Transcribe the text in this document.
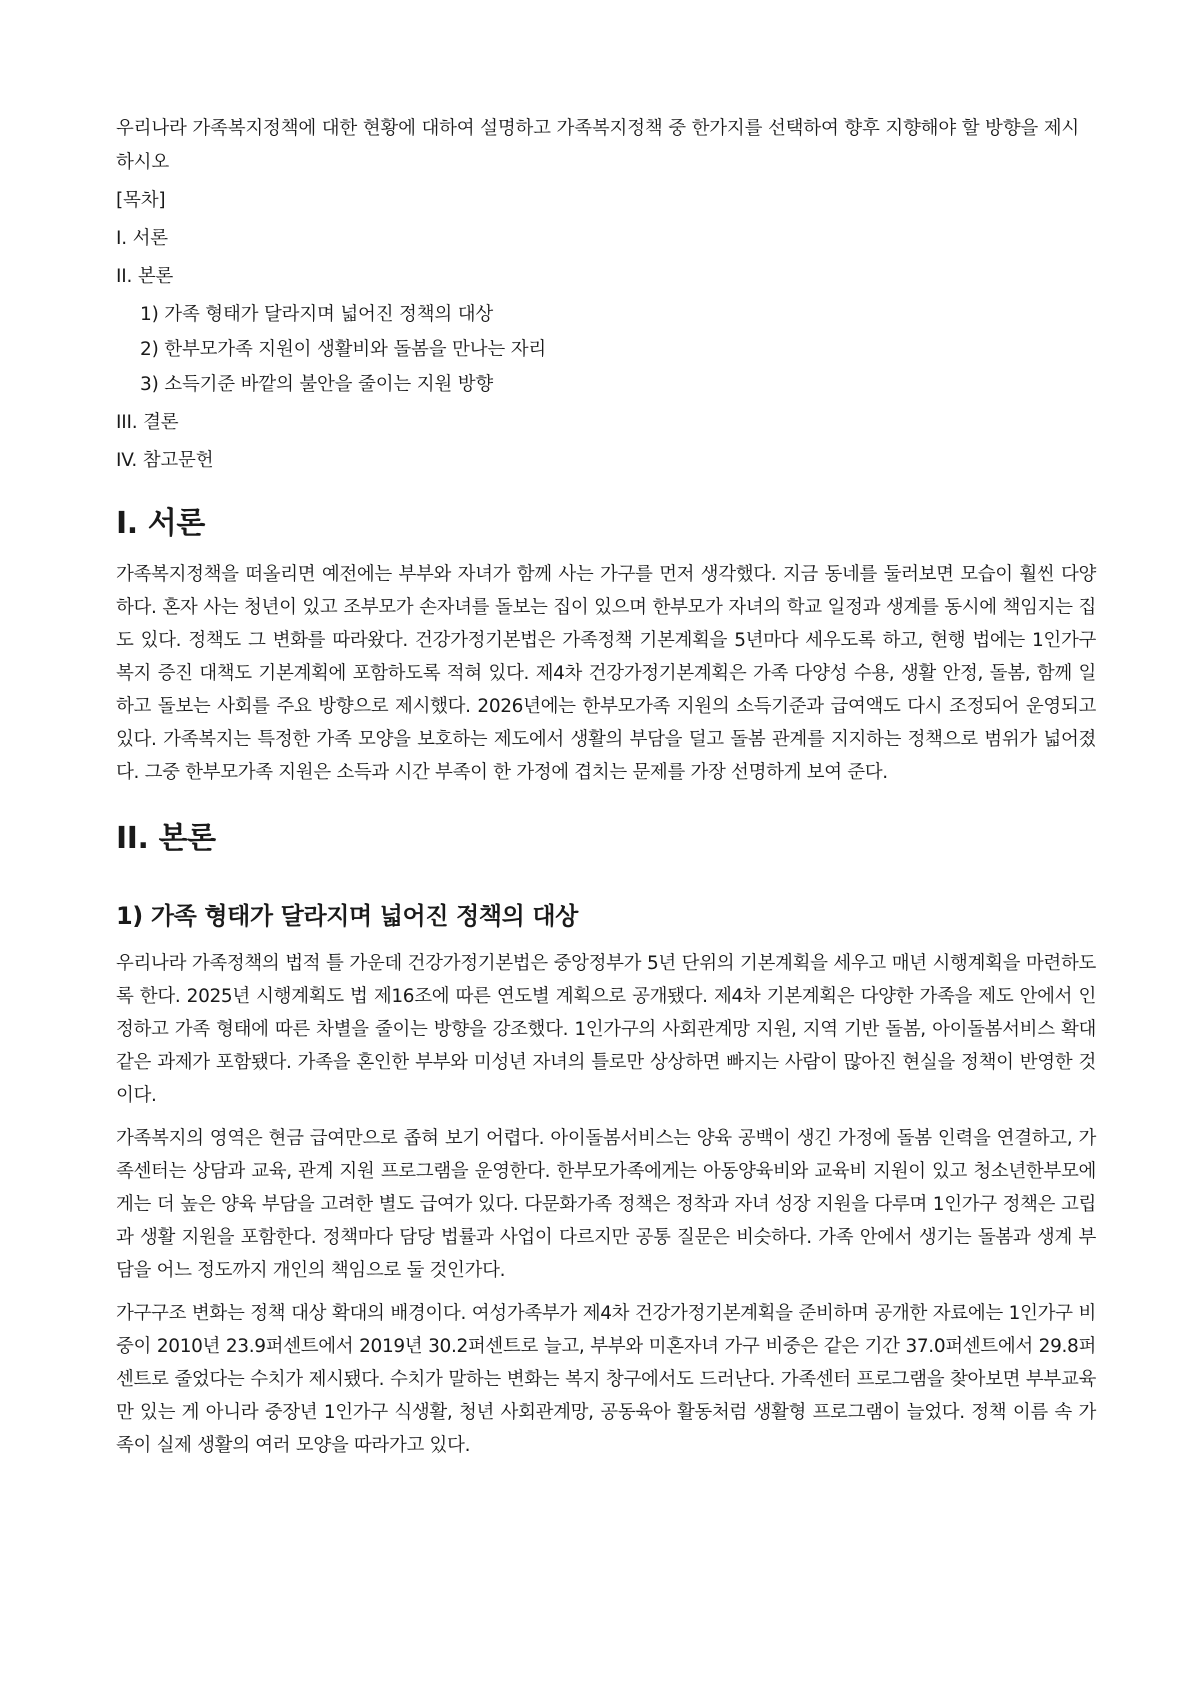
우리나라 가족복지정책에 대한 현황에 대하여 설명하고 가족복지정책 중 한가지를 선택하여 향후 지향해야 할 방향을 제시하시오

[목차]

I. 서론

II. 본론

1) 가족 형태가 달라지며 넓어진 정책의 대상

2) 한부모가족 지원이 생활비와 돌봄을 만나는 자리

3) 소득기준 바깥의 불안을 줄이는 지원 방향

III. 결론

IV. 참고문헌

I. 서론

가족복지정책을 떠올리면 예전에는 부부와 자녀가 함께 사는 가구를 먼저 생각했다. 지금 동네를 둘러보면 모습이 훨씬 다양하다. 혼자 사는 청년이 있고 조부모가 손자녀를 돌보는 집이 있으며 한부모가 자녀의 학교 일정과 생계를 동시에 책임지는 집도 있다. 정책도 그 변화를 따라왔다. 건강가정기본법은 가족정책 기본계획을 5년마다 세우도록 하고, 현행 법에는 1인가구 복지 증진 대책도 기본계획에 포함하도록 적혀 있다. 제4차 건강가정기본계획은 가족 다양성 수용, 생활 안정, 돌봄, 함께 일하고 돌보는 사회를 주요 방향으로 제시했다. 2026년에는 한부모가족 지원의 소득기준과 급여액도 다시 조정되어 운영되고 있다. 가족복지는 특정한 가족 모양을 보호하는 제도에서 생활의 부담을 덜고 돌봄 관계를 지지하는 정책으로 범위가 넓어졌다. 그중 한부모가족 지원은 소득과 시간 부족이 한 가정에 겹치는 문제를 가장 선명하게 보여 준다.

II. 본론
1) 가족 형태가 달라지며 넓어진 정책의 대상

우리나라 가족정책의 법적 틀 가운데 건강가정기본법은 중앙정부가 5년 단위의 기본계획을 세우고 매년 시행계획을 마련하도록 한다. 2025년 시행계획도 법 제16조에 따른 연도별 계획으로 공개됐다. 제4차 기본계획은 다양한 가족을 제도 안에서 인정하고 가족 형태에 따른 차별을 줄이는 방향을 강조했다. 1인가구의 사회관계망 지원, 지역 기반 돌봄, 아이돌봄서비스 확대 같은 과제가 포함됐다. 가족을 혼인한 부부와 미성년 자녀의 틀로만 상상하면 빠지는 사람이 많아진 현실을 정책이 반영한 것이다.

가족복지의 영역은 현금 급여만으로 좁혀 보기 어렵다. 아이돌봄서비스는 양육 공백이 생긴 가정에 돌봄 인력을 연결하고, 가족센터는 상담과 교육, 관계 지원 프로그램을 운영한다. 한부모가족에게는 아동양육비와 교육비 지원이 있고 청소년한부모에게는 더 높은 양육 부담을 고려한 별도 급여가 있다. 다문화가족 정책은 정착과 자녀 성장 지원을 다루며 1인가구 정책은 고립과 생활 지원을 포함한다. 정책마다 담당 법률과 사업이 다르지만 공통 질문은 비슷하다. 가족 안에서 생기는 돌봄과 생계 부담을 어느 정도까지 개인의 책임으로 둘 것인가다.

가구구조 변화는 정책 대상 확대의 배경이다. 여성가족부가 제4차 건강가정기본계획을 준비하며 공개한 자료에는 1인가구 비중이 2010년 23.9퍼센트에서 2019년 30.2퍼센트로 늘고, 부부와 미혼자녀 가구 비중은 같은 기간 37.0퍼센트에서 29.8퍼센트로 줄었다는 수치가 제시됐다. 수치가 말하는 변화는 복지 창구에서도 드러난다. 가족센터 프로그램을 찾아보면 부부교육만 있는 게 아니라 중장년 1인가구 식생활, 청년 사회관계망, 공동육아 활동처럼 생활형 프로그램이 늘었다. 정책 이름 속 가족이 실제 생활의 여러 모양을 따라가고 있다.
